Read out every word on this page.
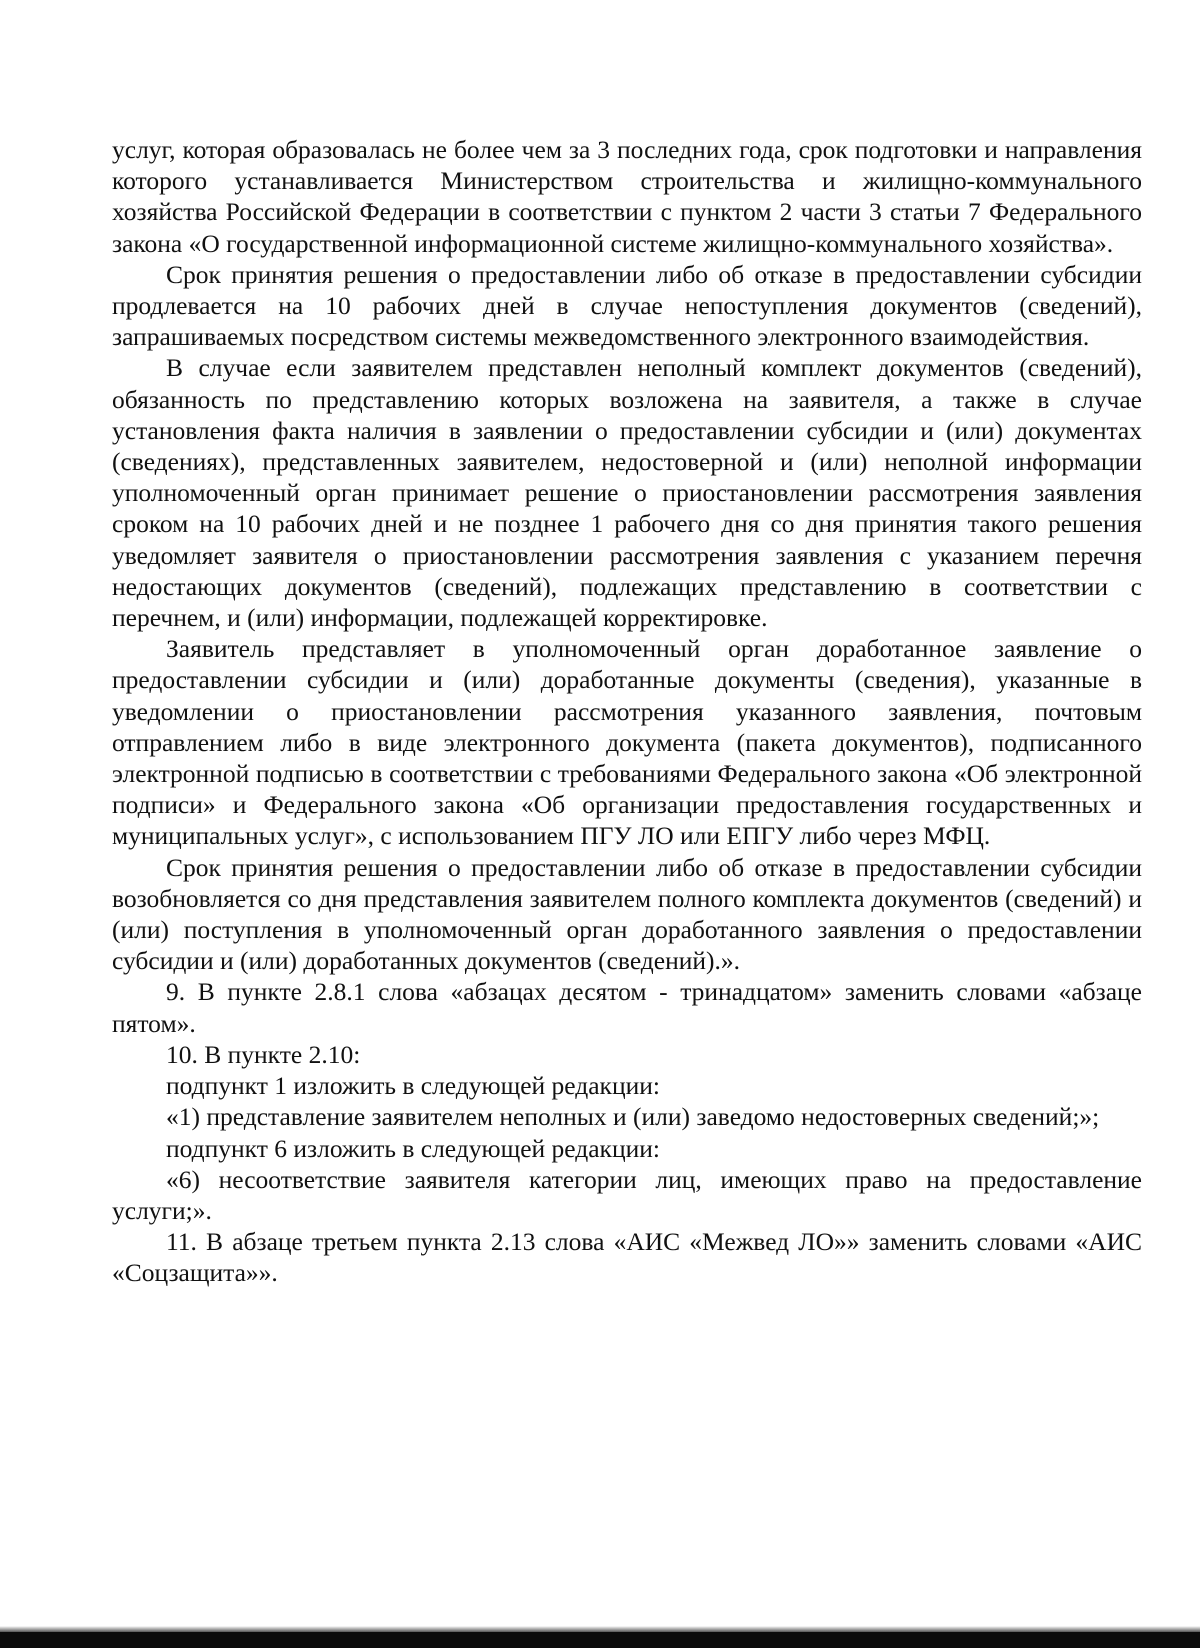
услуг, которая образовалась не более чем за 3 последних года, срок подготовки и направления которого устанавливается Министерством строительства и жилищно-коммунального хозяйства Российской Федерации в соответствии с пунктом 2 части 3 статьи 7 Федерального закона «О государственной информационной системе жилищно-коммунального хозяйства».

Срок принятия решения о предоставлении либо об отказе в предоставлении субсидии продлевается на 10 рабочих дней в случае непоступления документов (сведений), запрашиваемых посредством системы межведомственного электронного взаимодействия.

В случае если заявителем представлен неполный комплект документов (сведений), обязанность по представлению которых возложена на заявителя, а также в случае установления факта наличия в заявлении о предоставлении субсидии и (или) документах (сведениях), представленных заявителем, недостоверной и (или) неполной информации уполномоченный орган принимает решение о приостановлении рассмотрения заявления сроком на 10 рабочих дней и не позднее 1 рабочего дня со дня принятия такого решения уведомляет заявителя о приостановлении рассмотрения заявления с указанием перечня недостающих документов (сведений), подлежащих представлению в соответствии с перечнем, и (или) информации, подлежащей корректировке.

Заявитель представляет в уполномоченный орган доработанное заявление о предоставлении субсидии и (или) доработанные документы (сведения), указанные в уведомлении о приостановлении рассмотрения указанного заявления, почтовым отправлением либо в виде электронного документа (пакета документов), подписанного электронной подписью в соответствии с требованиями Федерального закона «Об электронной подписи» и Федерального закона «Об организации предоставления государственных и муниципальных услуг», с использованием ПГУ ЛО или ЕПГУ либо через МФЦ.

Срок принятия решения о предоставлении либо об отказе в предоставлении субсидии возобновляется со дня представления заявителем полного комплекта документов (сведений) и (или) поступления в уполномоченный орган доработанного заявления о предоставлении субсидии и (или) доработанных документов (сведений).».

9. В пункте 2.8.1 слова «абзацах десятом - тринадцатом» заменить словами «абзаце пятом».

10. В пункте 2.10:

подпункт 1 изложить в следующей редакции:

«1) представление заявителем неполных и (или) заведомо недостоверных сведений;»;

подпункт 6 изложить в следующей редакции:

«6) несоответствие заявителя категории лиц, имеющих право на предоставление услуги;».

11. В абзаце третьем пункта 2.13 слова «АИС «Межвед ЛО»» заменить словами «АИС «Соцзащита»».
